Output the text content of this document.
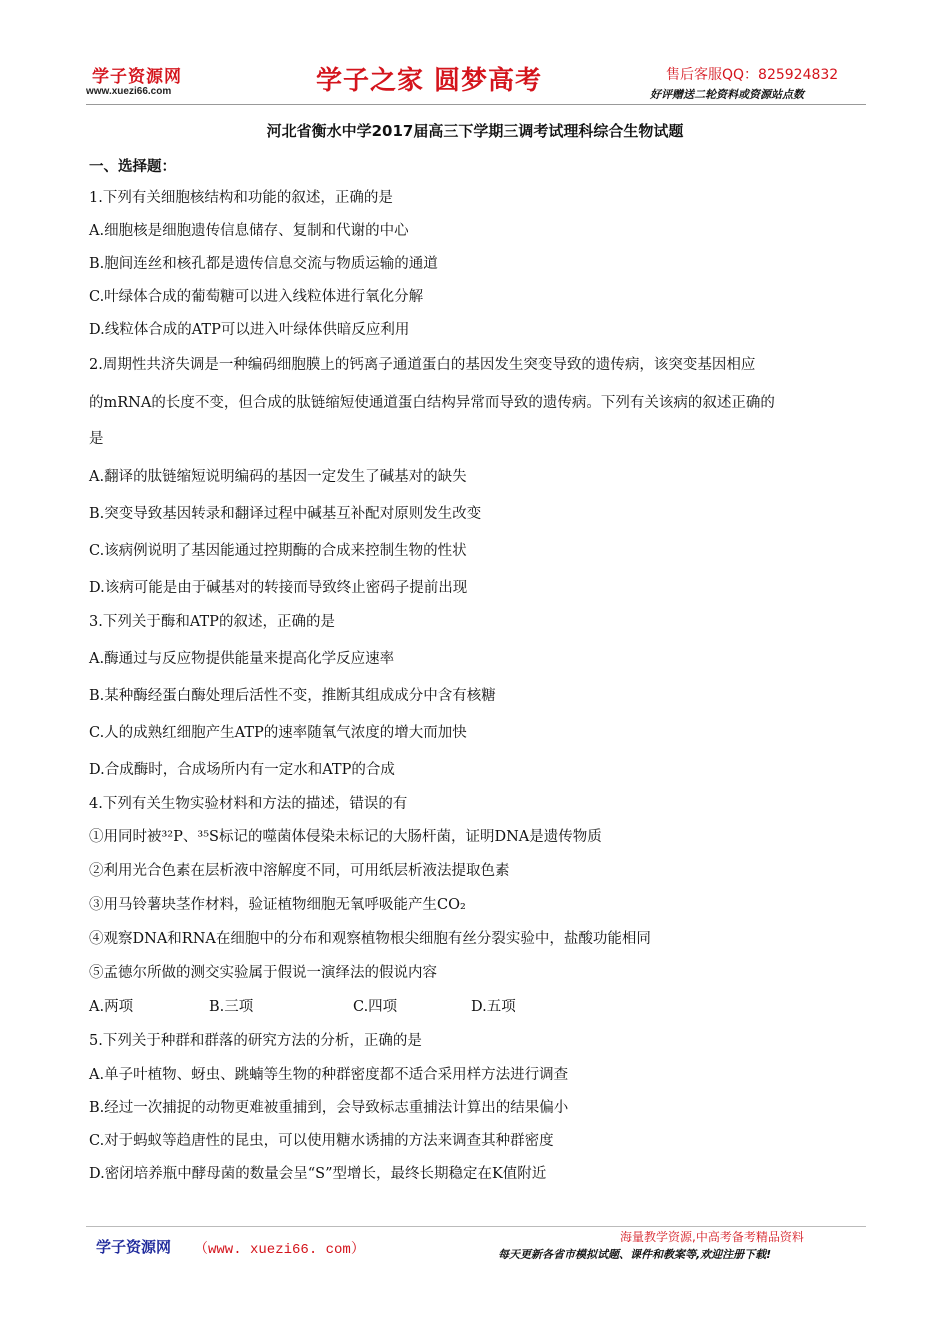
学子资源网
www.xuezi66.com	学子之家 圆梦高考	售后客服QQ：825924832
好评赠送二轮资料或资源站点数
河北省衡水中学2017届高三下学期三调考试理科综合生物试题
一、选择题：
1.下列有关细胞核结构和功能的叙述，正确的是
A.细胞核是细胞遗传信息储存、复制和代谢的中心
B.胞间连丝和核孔都是遗传信息交流与物质运输的通道
C.叶绿体合成的葡萄糖可以进入线粒体进行氧化分解
D.线粒体合成的ATP可以进入叶绿体供暗反应利用
2.周期性共济失调是一种编码细胞膜上的钙离子通道蛋白的基因发生突变导致的遗传病，该突变基因相应
的mRNA的长度不变，但合成的肽链缩短使通道蛋白结构异常而导致的遗传病。下列有关该病的叙述正确的
是
A.翻译的肽链缩短说明编码的基因一定发生了碱基对的缺失
B.突变导致基因转录和翻译过程中碱基互补配对原则发生改变
C.该病例说明了基因能通过控期酶的合成来控制生物的性状
D.该病可能是由于碱基对的转接而导致终止密码子提前出现
3.下列关于酶和ATP的叙述，正确的是
A.酶通过与反应物提供能量来提高化学反应速率
B.某种酶经蛋白酶处理后活性不变，推断其组成成分中含有核糖
C.人的成熟红细胞产生ATP的速率随氧气浓度的增大而加快
D.合成酶时，合成场所内有一定水和ATP的合成
4.下列有关生物实验材料和方法的描述，错误的有
①用同时被³²P、³⁵S标记的噬菌体侵染未标记的大肠杆菌，证明DNA是遗传物质
②利用光合色素在层析液中溶解度不同，可用纸层析液法提取色素
③用马铃薯块茎作材料，验证植物细胞无氧呼吸能产生CO₂
④观察DNA和RNA在细胞中的分布和观察植物根尖细胞有丝分裂实验中，盐酸功能相同
⑤孟德尔所做的测交实验属于假说一演绎法的假说内容
A.两项	B.三项	C.四项	D.五项
5.下列关于种群和群落的研究方法的分析，正确的是
A.单子叶植物、蚜虫、跳蝻等生物的种群密度都不适合采用样方法进行调查
B.经过一次捕捉的动物更难被重捕到，会导致标志重捕法计算出的结果偏小
C.对于蚂蚁等趋唐性的昆虫，可以使用糖水诱捕的方法来调查其种群密度
D.密闭培养瓶中酵母菌的数量会呈“S”型增长，最终长期稳定在K值附近
学子资源网 （www. xuezi66. com）
海量教学资源,中高考备考精品资料
每天更新各省市模拟试题、课件和教案等,欢迎注册下载!
